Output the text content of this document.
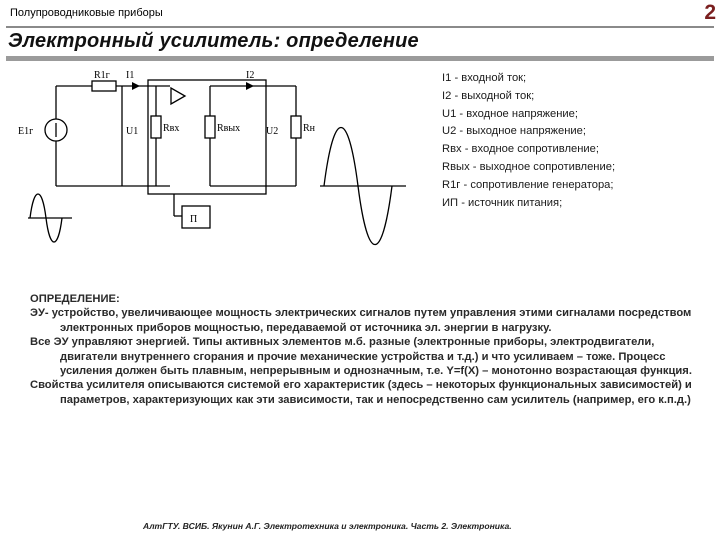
Полупроводниковые приборы	2
Электронный усилитель: определение
R1г I1	I2
U1 Rвх	Rвых	U2 Rн
E1г
П
I1 - входной ток;
I2 - выходной ток;
U1 - входное напряжение;
U2 - выходное напряжение;
Rвх - входное сопротивление;
Rвых - выходное сопротивление;
R1г - сопротивление генератора;
ИП - источник питания;

ОПРЕДЕЛЕНИЕ:

ЭУ- устройство, увеличивающее мощность электрических сигналов путем управления этими сигналами посредством электронных приборов мощностью, передаваемой от источника эл. энергии в нагрузку.

Все ЭУ управляют энергией. Типы активных элементов м.б. разные (электронные приборы, электродвигатели, двигатели внутреннего сгорания и прочие механические устройства и т.д.) и что усиливаем – тоже. Процесс усиления должен быть плавным, непрерывным и однозначным, т.е. Y=f(X) – монотонно возрастающая функция.

Свойства усилителя описываются системой его характеристик (здесь – некоторых функциональных зависимостей) и параметров, характеризующих как эти зависимости, так и непосредственно сам усилитель (например, его к.п.д.)

АлтГТУ. ВСИБ. Якунин А.Г. Электротехника и электроника. Часть 2. Электроника.
